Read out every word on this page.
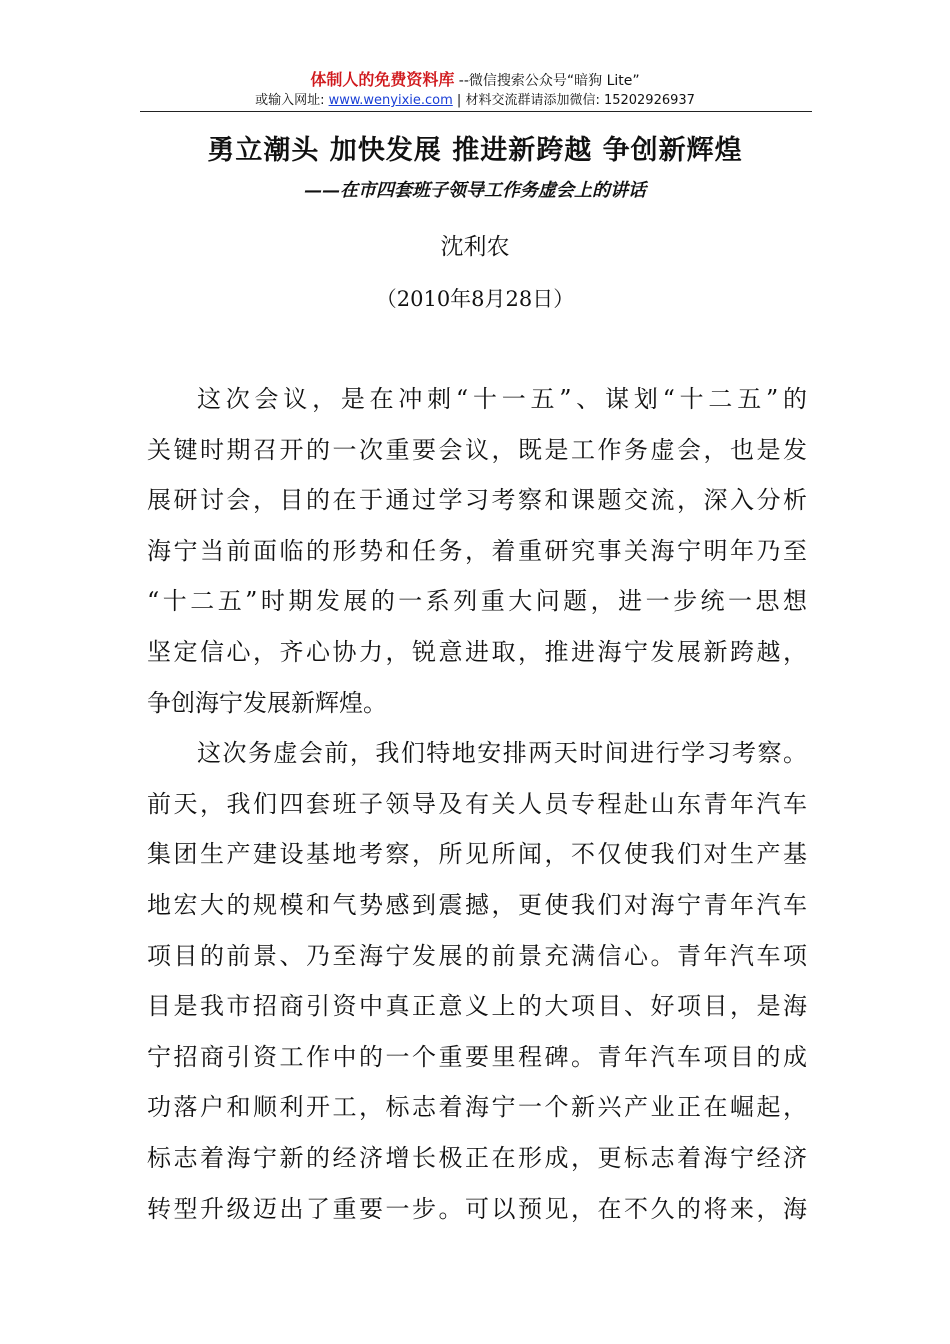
体制人的免费资料库 --微信搜索公众号“暗狗 Lite”
或输入网址: www.wenyixie.com | 材料交流群请添加微信: 15202926937
勇立潮头 加快发展 推进新跨越 争创新辉煌
——在市四套班子领导工作务虚会上的讲话
沈利农
（2010年8月28日）
这次会议，是在冲刺“十一五”、谋划“十二五”的
关键时期召开的一次重要会议，既是工作务虚会，也是发
展研讨会，目的在于通过学习考察和课题交流，深入分析
海宁当前面临的形势和任务，着重研究事关海宁明年乃至
“十二五”时期发展的一系列重大问题，进一步统一思想
坚定信心，齐心协力，锐意进取，推进海宁发展新跨越，
争创海宁发展新辉煌。
这次务虚会前，我们特地安排两天时间进行学习考察。
前天，我们四套班子领导及有关人员专程赴山东青年汽车
集团生产建设基地考察，所见所闻，不仅使我们对生产基
地宏大的规模和气势感到震撼，更使我们对海宁青年汽车
项目的前景、乃至海宁发展的前景充满信心。青年汽车项
目是我市招商引资中真正意义上的大项目、好项目，是海
宁招商引资工作中的一个重要里程碑。青年汽车项目的成
功落户和顺利开工，标志着海宁一个新兴产业正在崛起，
标志着海宁新的经济增长极正在形成，更标志着海宁经济
转型升级迈出了重要一步。可以预见，在不久的将来，海
